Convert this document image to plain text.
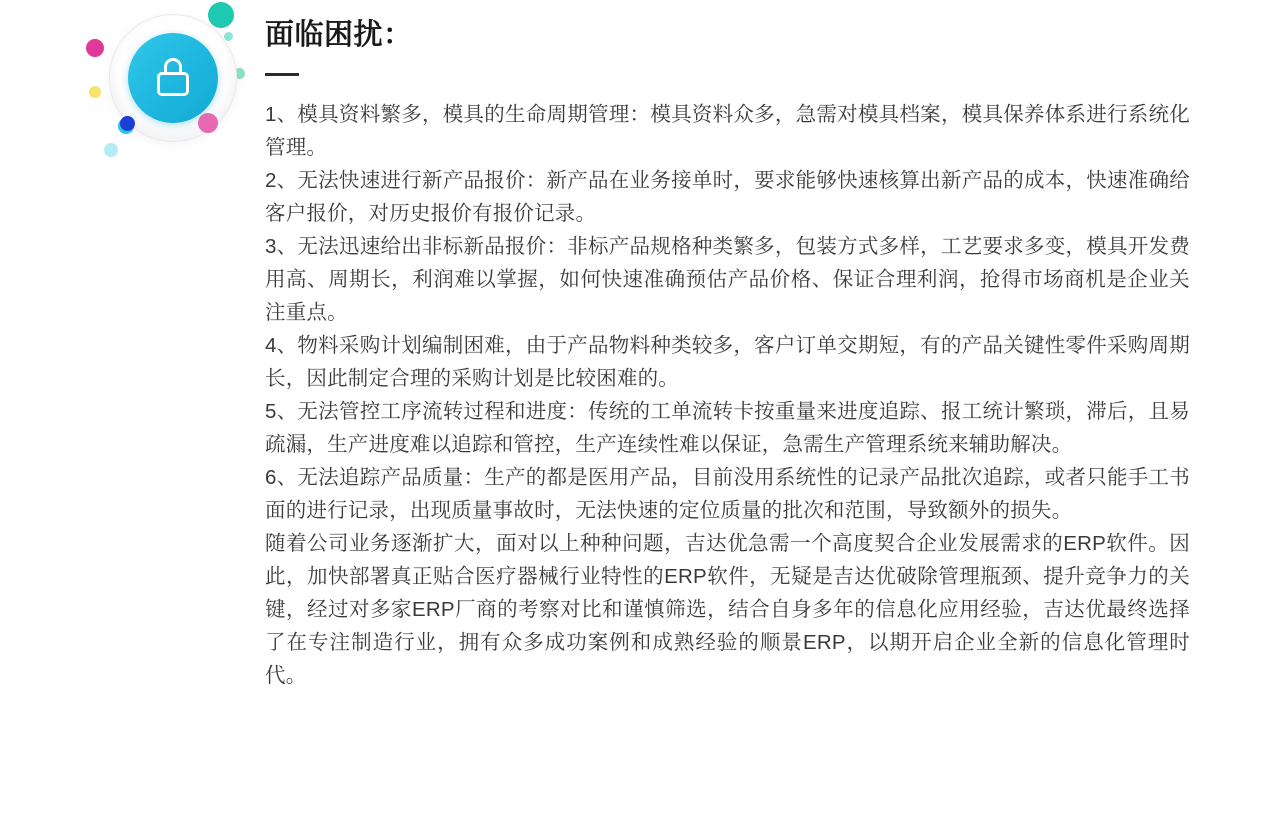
面临困扰：

1、模具资料繁多，模具的生命周期管理：模具资料众多，急需对模具档案，模具保养体系进行系统化管理。

2、无法快速进行新产品报价：新产品在业务接单时，要求能够快速核算出新产品的成本，快速准确给客户报价，对历史报价有报价记录。

3、无法迅速给出非标新品报价：非标产品规格种类繁多，包装方式多样，工艺要求多变，模具开发费用高、周期长，利润难以掌握，如何快速准确预估产品价格、保证合理利润，抢得市场商机是企业关注重点。

4、物料采购计划编制困难，由于产品物料种类较多，客户订单交期短，有的产品关键性零件采购周期长，因此制定合理的采购计划是比较困难的。

5、无法管控工序流转过程和进度：传统的工单流转卡按重量来进度追踪、报工统计繁琐，滞后，且易疏漏，生产进度难以追踪和管控，生产连续性难以保证，急需生产管理系统来辅助解决。

6、无法追踪产品质量：生产的都是医用产品，目前没用系统性的记录产品批次追踪，或者只能手工书面的进行记录，出现质量事故时，无法快速的定位质量的批次和范围，导致额外的损失。

随着公司业务逐渐扩大，面对以上种种问题，吉达优急需一个高度契合企业发展需求的ERP软件。因此，加快部署真正贴合医疗器械行业特性的ERP软件，无疑是吉达优破除管理瓶颈、提升竞争力的关键，经过对多家ERP厂商的考察对比和谨慎筛选，结合自身多年的信息化应用经验，吉达优最终选择了在专注制造行业，拥有众多成功案例和成熟经验的顺景ERP，以期开启企业全新的信息化管理时代。
